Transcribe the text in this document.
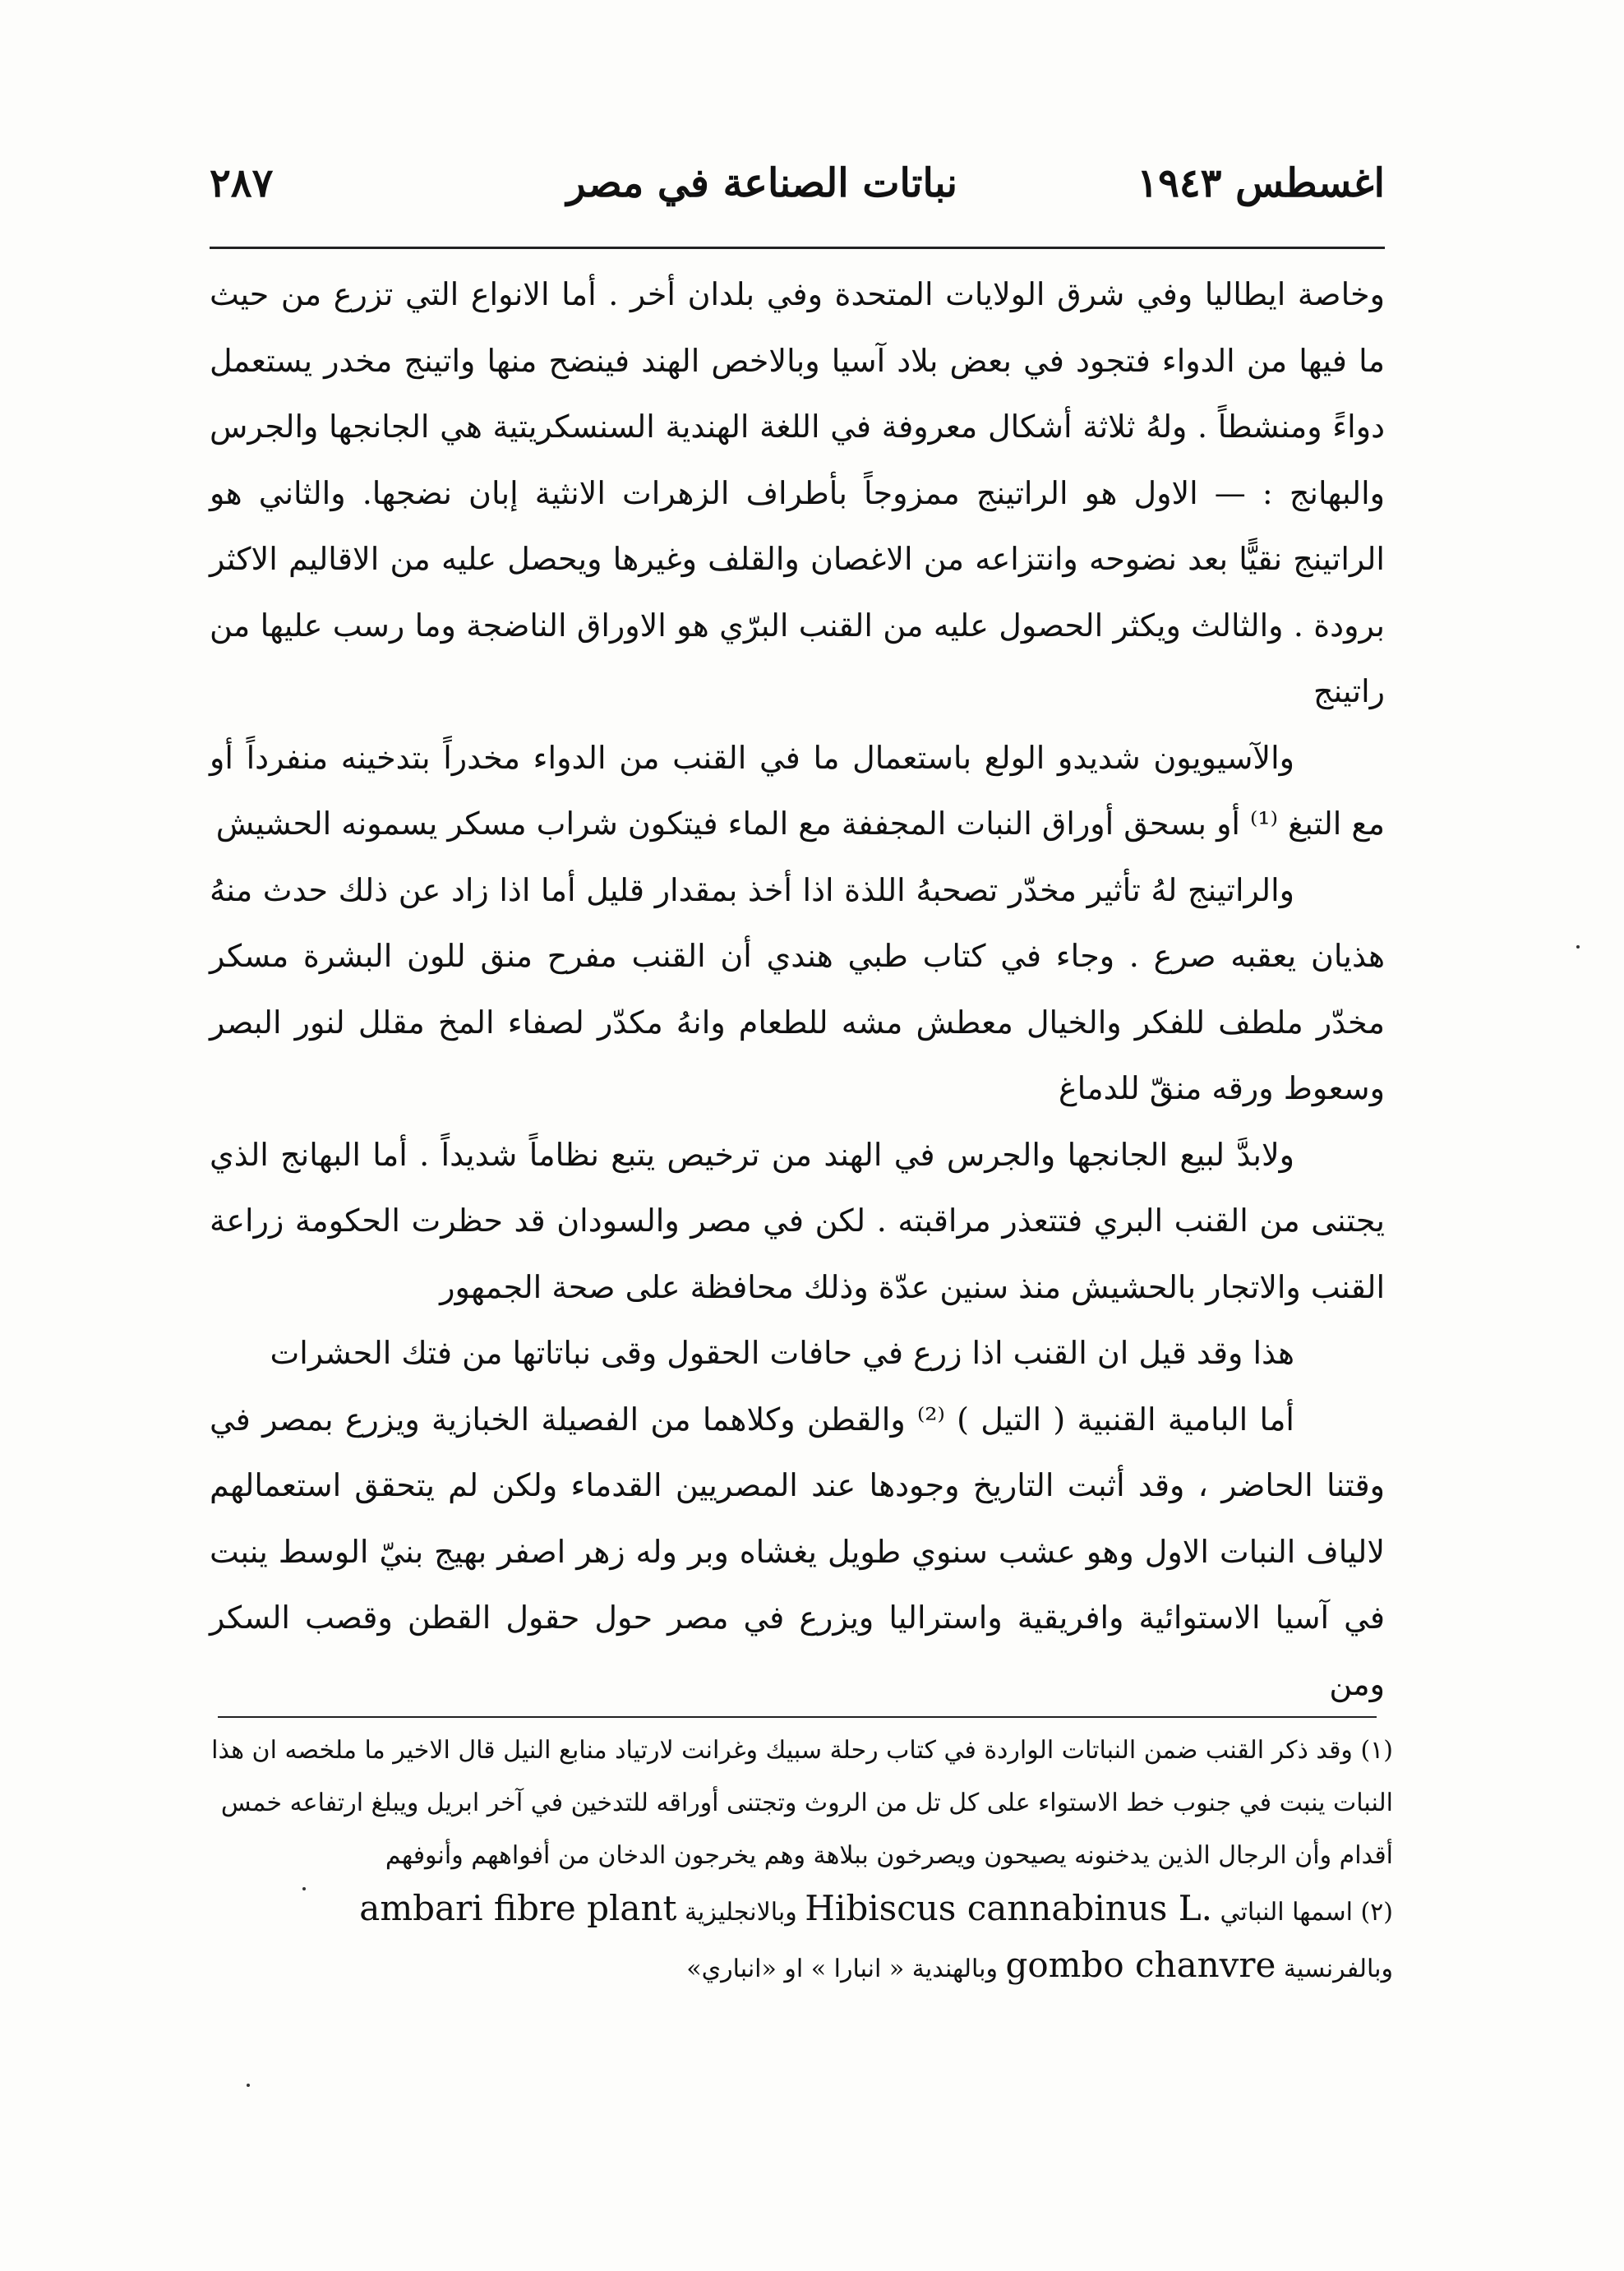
اغسطس ١٩٤٣
نباتات الصناعة في مصر
٢٨٧

وخاصة ايطاليا وفي شرق الولايات المتحدة وفي بلدان أخر . أما الانواع التي تزرع من حيث ما فيها من الدواء فتجود في بعض بلاد آسيا وبالاخص الهند فينضح منها واتينج مخدر يستعمل دواءً ومنشطاً . ولهُ ثلاثة أشكال معروفة في اللغة الهندية السنسكريتية هي الجانجها والجرس والبهانج : — الاول هو الراتينج ممزوجاً بأطراف الزهرات الانثية إبان نضجها. والثاني هو الراتينج نقيًّا بعد نضوحه وانتزاعه من الاغصان والقلف وغيرها ويحصل عليه من الاقاليم الاكثر برودة . والثالث ويكثر الحصول عليه من القنب البرّي هو الاوراق الناضجة وما رسب عليها من راتينج

والآسيويون شديدو الولع باستعمال ما في القنب من الدواء مخدراً بتدخينه منفرداً أو مع التبغ ⁽¹⁾ أو بسحق أوراق النبات المجففة مع الماء فيتكون شراب مسكر يسمونه الحشيش

والراتينج لهُ تأثير مخدّر تصحبهُ اللذة اذا أخذ بمقدار قليل أما اذا زاد عن ذلك حدث منهُ هذيان يعقبه صرع . وجاء في كتاب طبي هندي أن القنب مفرح منق للون البشرة مسكر مخدّر ملطف للفكر والخيال معطش مشه للطعام وانهُ مكدّر لصفاء المخ مقلل لنور البصر وسعوط ورقه منقّ للدماغ

ولابدَّ لبيع الجانجها والجرس في الهند من ترخيص يتبع نظاماً شديداً . أما البهانج الذي يجتنى من القنب البري فتتعذر مراقبته . لكن في مصر والسودان قد حظرت الحكومة زراعة القنب والاتجار بالحشيش منذ سنين عدّة وذلك محافظة على صحة الجمهور

هذا وقد قيل ان القنب اذا زرع في حافات الحقول وقى نباتاتها من فتك الحشرات

أما البامية القنبية ( التيل ) ⁽²⁾ والقطن وكلاهما من الفصيلة الخبازية ويزرع بمصر في وقتنا الحاضر ، وقد أثبت التاريخ وجودها عند المصريين القدماء ولكن لم يتحقق استعمالهم لالياف النبات الاول وهو عشب سنوي طويل يغشاه وبر وله زهر اصفر بهيج بنيّ الوسط ينبت في آسيا الاستوائية وافريقية واستراليا ويزرع في مصر حول حقول القطن وقصب السكر ومن

(١) وقد ذكر القنب ضمن النباتات الواردة في كتاب رحلة سبيك وغرانت لارتياد منابع النيل قال الاخير ما ملخصه ان هذا النبات ينبت في جنوب خط الاستواء على كل تل من الروث وتجتنى أوراقه للتدخين في آخر ابريل ويبلغ ارتفاعه خمس أقدام وأن الرجال الذين يدخنونه يصيحون ويصرخون ببلاهة وهم يخرجون الدخان من أفواههم وأنوفهم

(٢) اسمها النباتي Hibiscus cannabinus L. وبالانجليزية ambari fibre plant
وبالفرنسية gombo chanvre وبالهندية « انبارا » او «انباري»
